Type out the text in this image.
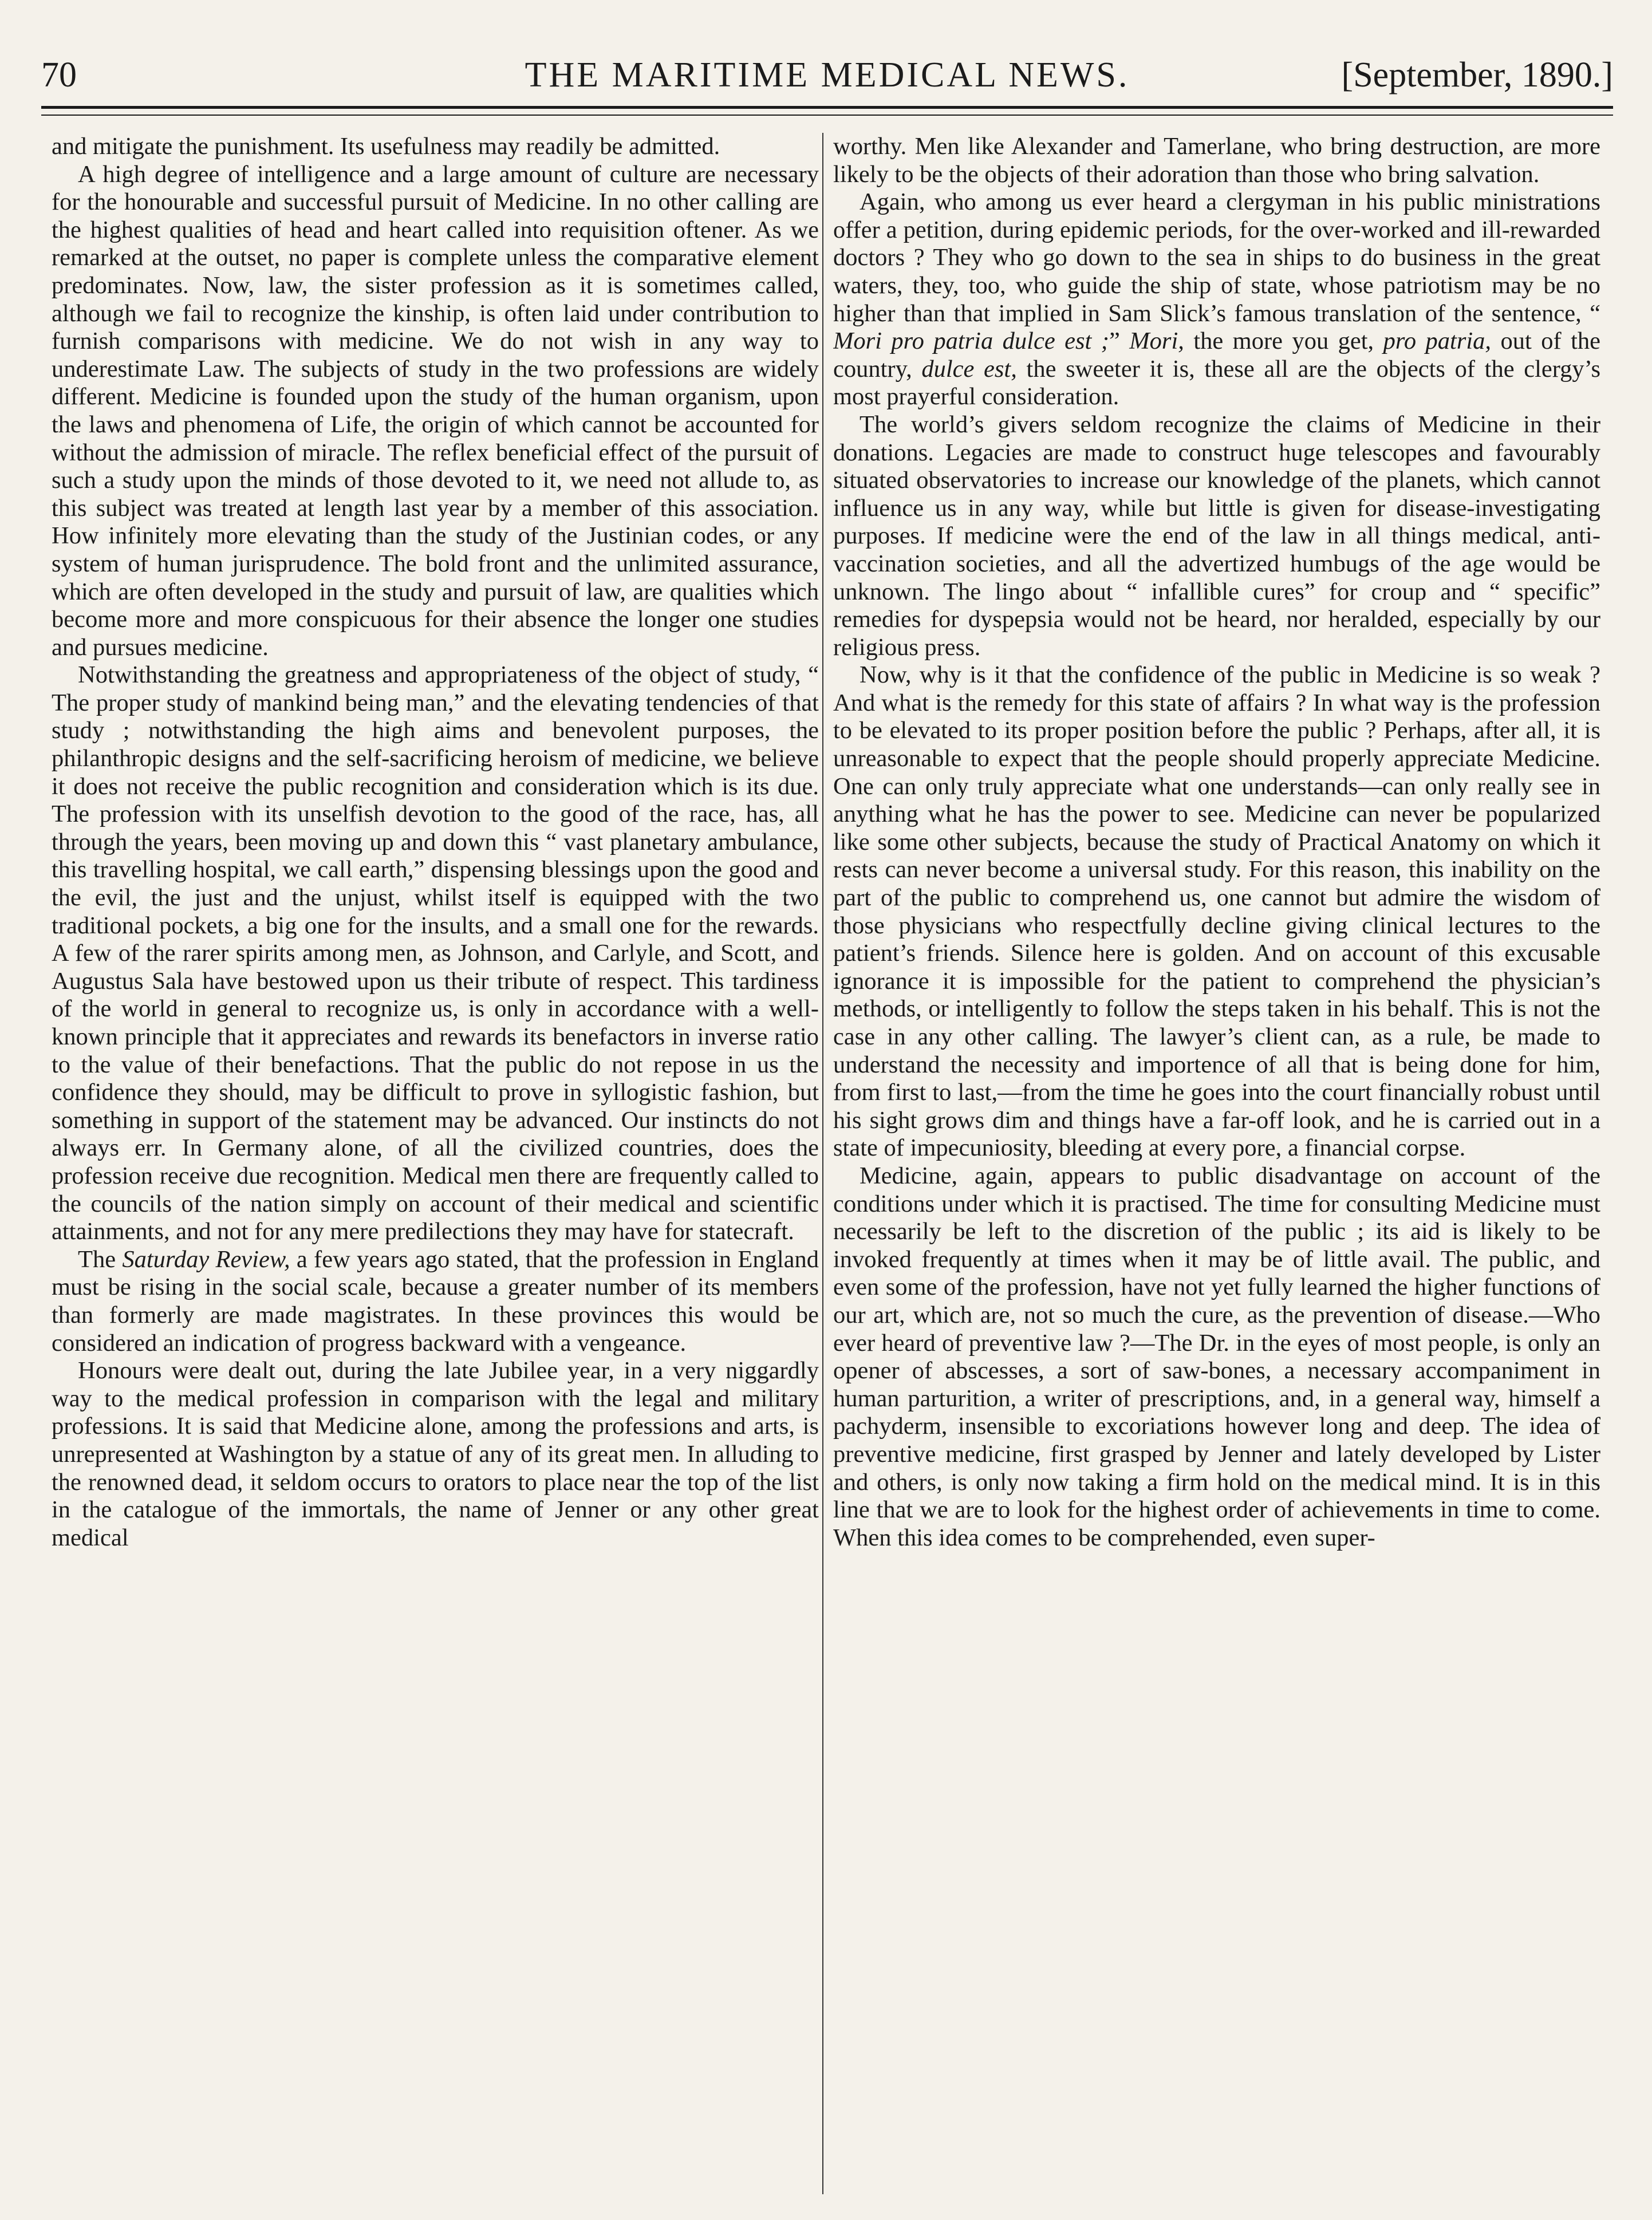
70	THE MARITIME MEDICAL NEWS.	[September, 1890.]

and mitigate the punishment. Its usefulness may readily be admitted.

A high degree of intelligence and a large amount of culture are necessary for the honourable and successful pursuit of Medicine. In no other calling are the highest qualities of head and heart called into requisition oftener. As we remarked at the outset, no paper is complete unless the comparative element predominates. Now, law, the sister profession as it is sometimes called, although we fail to recognize the kinship, is often laid under contribution to furnish comparisons with medicine. We do not wish in any way to underestimate Law. The subjects of study in the two professions are widely different. Medicine is founded upon the study of the human organism, upon the laws and phenomena of Life, the origin of which cannot be accounted for without the admission of miracle. The reflex beneficial effect of the pursuit of such a study upon the minds of those devoted to it, we need not allude to, as this subject was treated at length last year by a member of this association. How infinitely more elevating than the study of the Justinian codes, or any system of human jurisprudence. The bold front and the unlimited assurance, which are often developed in the study and pursuit of law, are qualities which become more and more conspicuous for their absence the longer one studies and pursues medicine.

Notwithstanding the greatness and appropriateness of the object of study, “ The proper study of mankind being man,” and the elevating tendencies of that study ; notwithstanding the high aims and benevolent purposes, the philanthropic designs and the self-sacrificing heroism of medicine, we believe it does not receive the public recognition and consideration which is its due. The profession with its unselfish devotion to the good of the race, has, all through the years, been moving up and down this “ vast planetary ambulance, this travelling hospital, we call earth,” dispensing blessings upon the good and the evil, the just and the unjust, whilst itself is equipped with the two traditional pockets, a big one for the insults, and a small one for the rewards. A few of the rarer spirits among men, as Johnson, and Carlyle, and Scott, and Augustus Sala have bestowed upon us their tribute of respect. This tardiness of the world in general to recognize us, is only in accordance with a well-known principle that it appreciates and rewards its benefactors in inverse ratio to the value of their benefactions. That the public do not repose in us the confidence they should, may be difficult to prove in syllogistic fashion, but something in support of the statement may be advanced. Our instincts do not always err. In Germany alone, of all the civilized countries, does the profession receive due recognition. Medical men there are frequently called to the councils of the nation simply on account of their medical and scientific attainments, and not for any mere predilections they may have for statecraft.

The Saturday Review, a few years ago stated, that the profession in England must be rising in the social scale, because a greater number of its members than formerly are made magistrates. In these provinces this would be considered an indication of progress backward with a vengeance.

Honours were dealt out, during the late Jubilee year, in a very niggardly way to the medical profession in comparison with the legal and military professions. It is said that Medicine alone, among the professions and arts, is unrepresented at Washington by a statue of any of its great men. In alluding to the renowned dead, it seldom occurs to orators to place near the top of the list in the catalogue of the immortals, the name of Jenner or any other great medical

worthy. Men like Alexander and Tamerlane, who bring destruction, are more likely to be the objects of their adoration than those who bring salvation.

Again, who among us ever heard a clergyman in his public ministrations offer a petition, during epidemic periods, for the over-worked and ill-rewarded doctors ? They who go down to the sea in ships to do business in the great waters, they, too, who guide the ship of state, whose patriotism may be no higher than that implied in Sam Slick’s famous translation of the sentence, “ Mori pro patria dulce est ;” Mori, the more you get, pro patria, out of the country, dulce est, the sweeter it is, these all are the objects of the clergy’s most prayerful consideration.

The world’s givers seldom recognize the claims of Medicine in their donations. Legacies are made to construct huge telescopes and favourably situated observatories to increase our knowledge of the planets, which cannot influence us in any way, while but little is given for disease-investigating purposes. If medicine were the end of the law in all things medical, anti-vaccination societies, and all the advertized humbugs of the age would be unknown. The lingo about “ infallible cures” for croup and “ specific” remedies for dyspepsia would not be heard, nor heralded, especially by our religious press.

Now, why is it that the confidence of the public in Medicine is so weak ? And what is the remedy for this state of affairs ? In what way is the profession to be elevated to its proper position before the public ? Perhaps, after all, it is unreasonable to expect that the people should properly appreciate Medicine. One can only truly appreciate what one understands—can only really see in anything what he has the power to see. Medicine can never be popularized like some other subjects, because the study of Practical Anatomy on which it rests can never become a universal study. For this reason, this inability on the part of the public to comprehend us, one cannot but admire the wisdom of those physicians who respectfully decline giving clinical lectures to the patient’s friends. Silence here is golden. And on account of this excusable ignorance it is impossible for the patient to comprehend the physician’s methods, or intelligently to follow the steps taken in his behalf. This is not the case in any other calling. The lawyer’s client can, as a rule, be made to understand the necessity and importence of all that is being done for him, from first to last,—from the time he goes into the court financially robust until his sight grows dim and things have a far-off look, and he is carried out in a state of impecuniosity, bleeding at every pore, a financial corpse.

Medicine, again, appears to public disadvantage on account of the conditions under which it is practised. The time for consulting Medicine must necessarily be left to the discretion of the public ; its aid is likely to be invoked frequently at times when it may be of little avail. The public, and even some of the profession, have not yet fully learned the higher functions of our art, which are, not so much the cure, as the prevention of disease.—Who ever heard of preventive law ?—The Dr. in the eyes of most people, is only an opener of abscesses, a sort of saw-bones, a necessary accompaniment in human parturition, a writer of prescriptions, and, in a general way, himself a pachyderm, insensible to excoriations however long and deep. The idea of preventive medicine, first grasped by Jenner and lately developed by Lister and others, is only now taking a firm hold on the medical mind. It is in this line that we are to look for the highest order of achievements in time to come. When this idea comes to be comprehended, even super-
